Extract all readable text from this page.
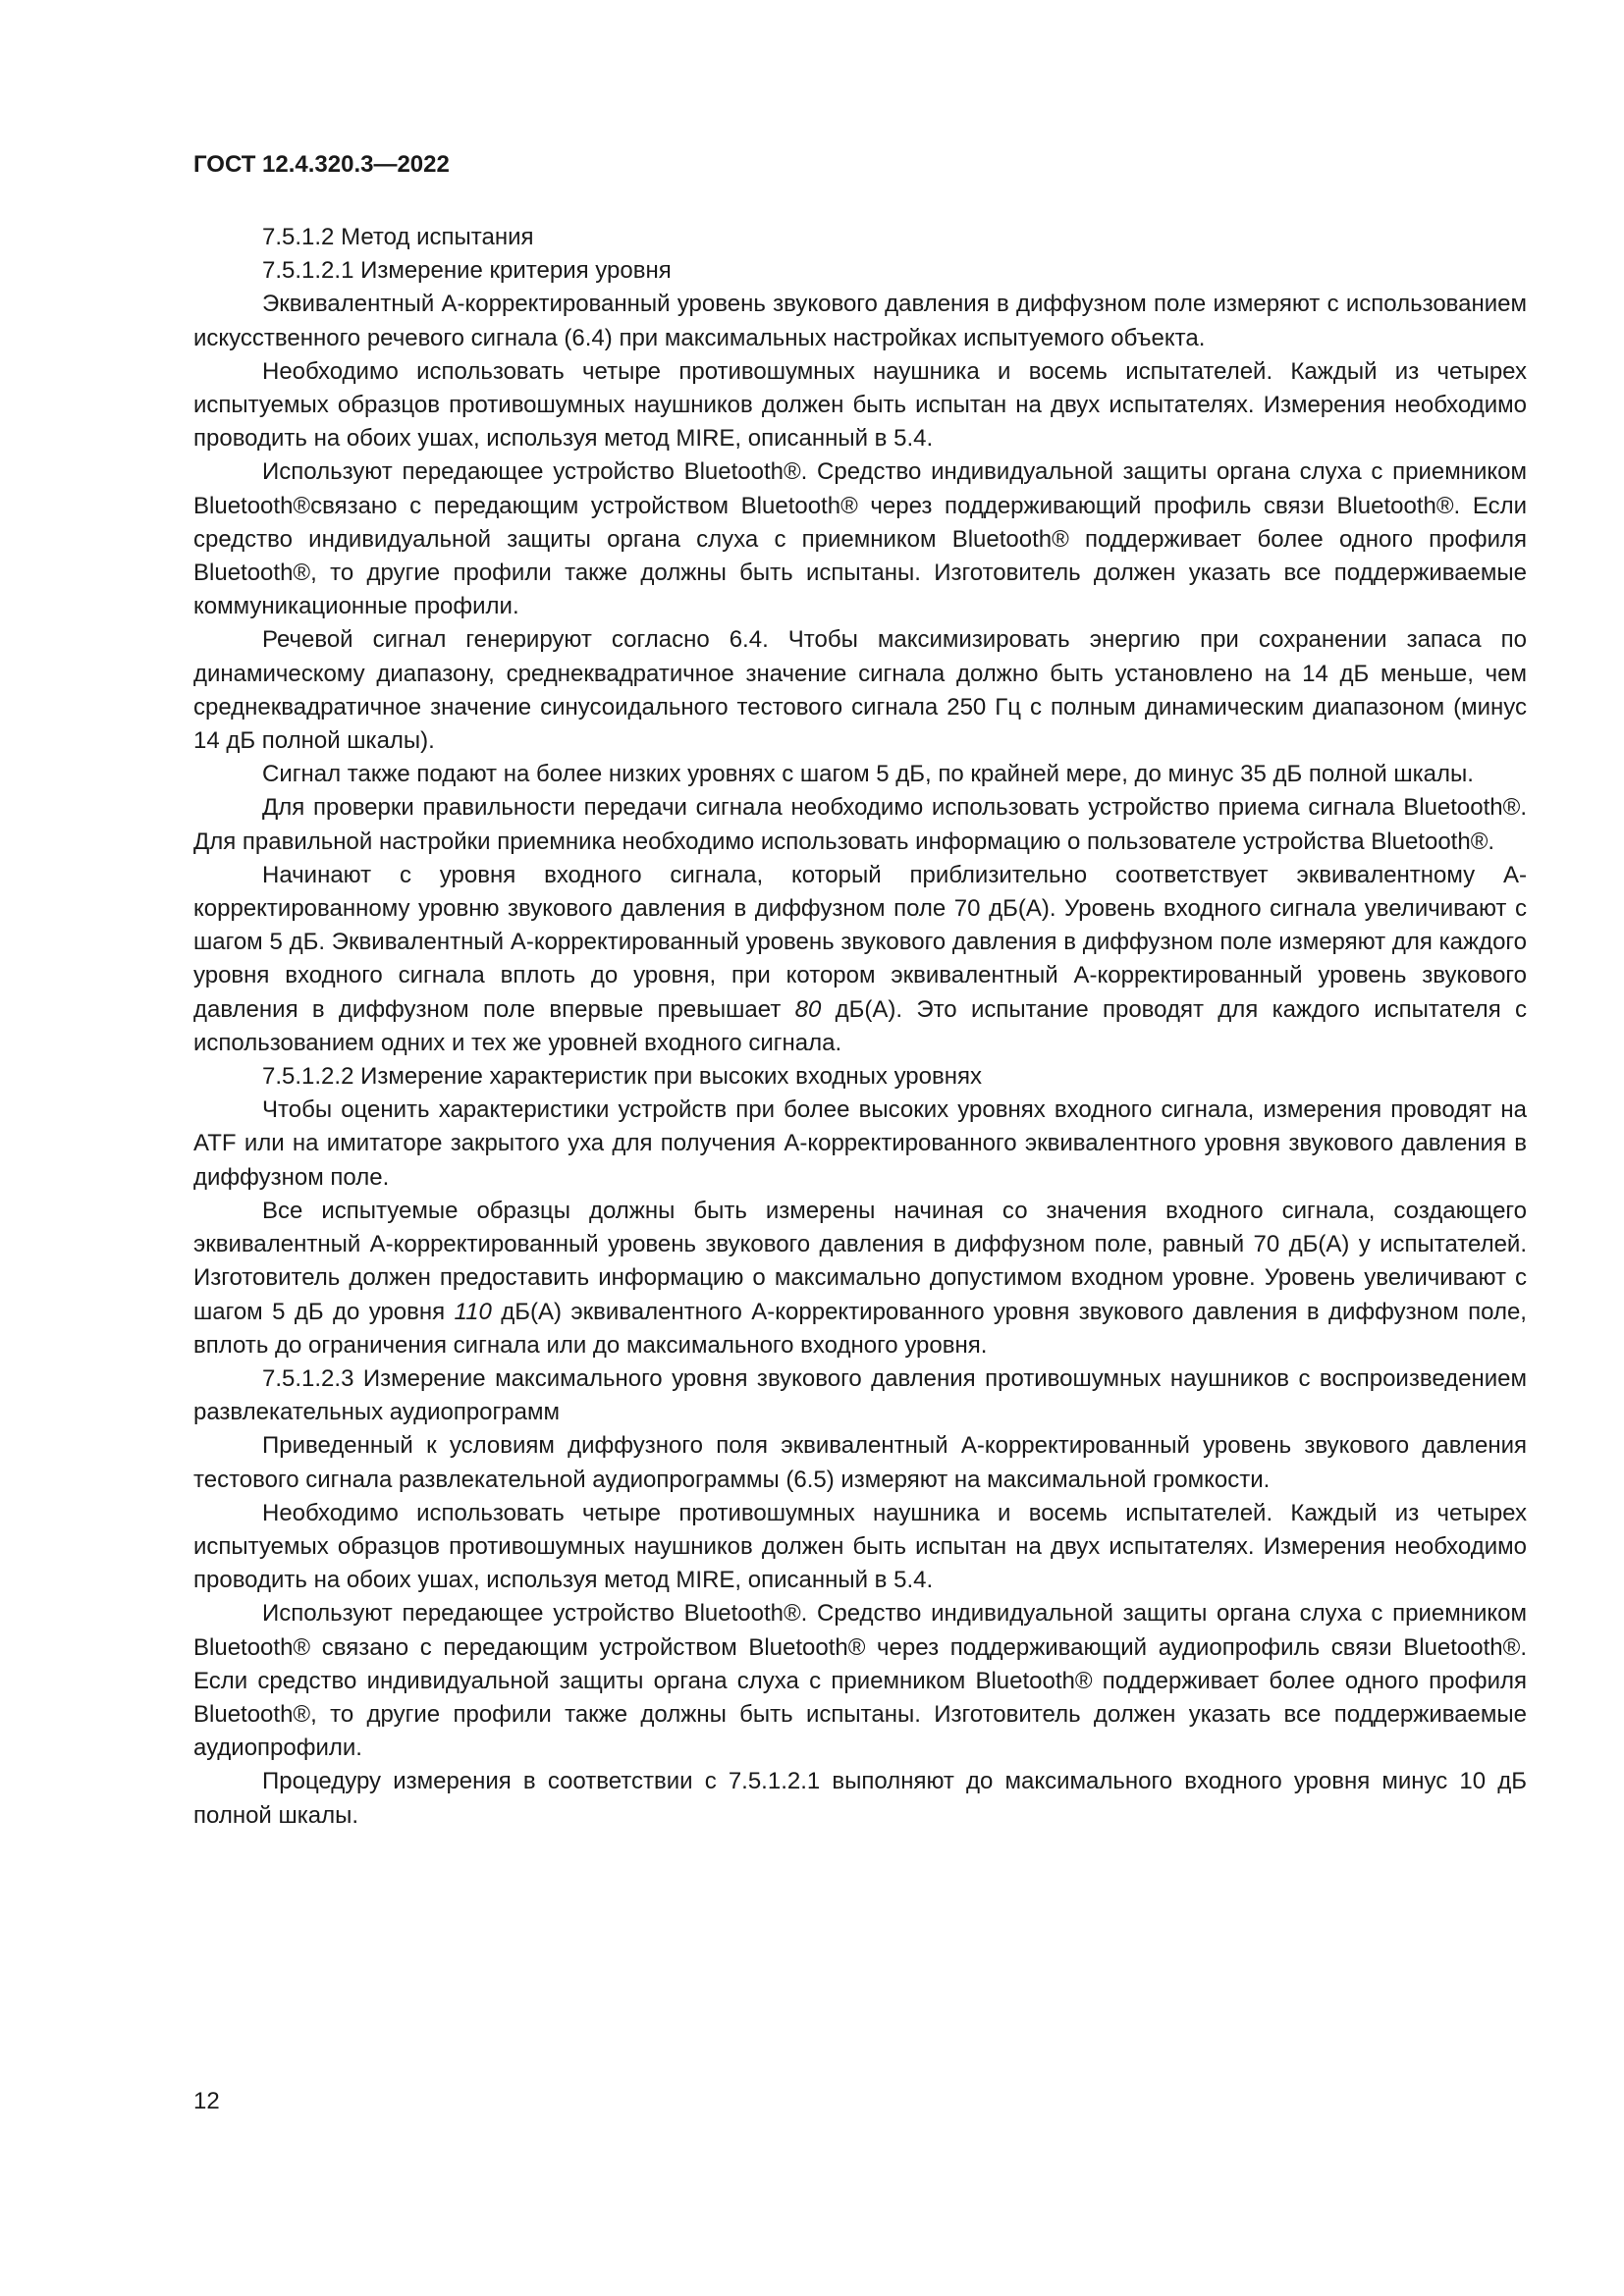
ГОСТ 12.4.320.3—2022

7.5.1.2 Метод испытания

7.5.1.2.1 Измерение критерия уровня

Эквивалентный А-корректированный уровень звукового давления в диффузном поле измеряют с использованием искусственного речевого сигнала (6.4) при максимальных настройках испытуемого объекта.

Необходимо использовать четыре противошумных наушника и восемь испытателей. Каждый из четырех испытуемых образцов противошумных наушников должен быть испытан на двух испытателях. Измерения необходимо проводить на обоих ушах, используя метод MIRE, описанный в 5.4.

Используют передающее устройство Bluetooth®. Средство индивидуальной защиты органа слуха с приемником Bluetooth®связано с передающим устройством Bluetooth® через поддерживающий профиль связи Bluetooth®. Если средство индивидуальной защиты органа слуха с приемником Bluetooth® поддерживает более одного профиля Bluetooth®, то другие профили также должны быть испытаны. Изготовитель должен указать все поддерживаемые коммуникационные профили.

Речевой сигнал генерируют согласно 6.4. Чтобы максимизировать энергию при сохранении запаса по динамическому диапазону, среднеквадратичное значение сигнала должно быть установлено на 14 дБ меньше, чем среднеквадратичное значение синусоидального тестового сигнала 250 Гц с полным динамическим диапазоном (минус 14 дБ полной шкалы).

Сигнал также подают на более низких уровнях с шагом 5 дБ, по крайней мере, до минус 35 дБ полной шкалы.

Для проверки правильности передачи сигнала необходимо использовать устройство приема сигнала Bluetooth®. Для правильной настройки приемника необходимо использовать информацию о пользователе устройства Bluetooth®.

Начинают с уровня входного сигнала, который приблизительно соответствует эквивалентному А-корректированному уровню звукового давления в диффузном поле 70 дБ(А). Уровень входного сигнала увеличивают с шагом 5 дБ. Эквивалентный А-корректированный уровень звукового давления в диффузном поле измеряют для каждого уровня входного сигнала вплоть до уровня, при котором эквивалентный А-корректированный уровень звукового давления в диффузном поле впервые превышает 80 дБ(А). Это испытание проводят для каждого испытателя с использованием одних и тех же уровней входного сигнала.

7.5.1.2.2 Измерение характеристик при высоких входных уровнях

Чтобы оценить характеристики устройств при более высоких уровнях входного сигнала, измерения проводят на ATF или на имитаторе закрытого уха для получения А-корректированного эквивалентного уровня звукового давления в диффузном поле.

Все испытуемые образцы должны быть измерены начиная со значения входного сигнала, создающего эквивалентный А-корректированный уровень звукового давления в диффузном поле, равный 70 дБ(А) у испытателей. Изготовитель должен предоставить информацию о максимально допустимом входном уровне. Уровень увеличивают с шагом 5 дБ до уровня 110 дБ(А) эквивалентного А-корректированного уровня звукового давления в диффузном поле, вплоть до ограничения сигнала или до максимального входного уровня.

7.5.1.2.3 Измерение максимального уровня звукового давления противошумных наушников с воспроизведением развлекательных аудиопрограмм

Приведенный к условиям диффузного поля эквивалентный А-корректированный уровень звукового давления тестового сигнала развлекательной аудиопрограммы (6.5) измеряют на максимальной громкости.

Необходимо использовать четыре противошумных наушника и восемь испытателей. Каждый из четырех испытуемых образцов противошумных наушников должен быть испытан на двух испытателях. Измерения необходимо проводить на обоих ушах, используя метод MIRE, описанный в 5.4.

Используют передающее устройство Bluetooth®. Средство индивидуальной защиты органа слуха с приемником Bluetooth® связано с передающим устройством Bluetooth® через поддерживающий аудиопрофиль связи Bluetooth®. Если средство индивидуальной защиты органа слуха с приемником Bluetooth® поддерживает более одного профиля Bluetooth®, то другие профили также должны быть испытаны. Изготовитель должен указать все поддерживаемые аудиопрофили.

Процедуру измерения в соответствии с 7.5.1.2.1 выполняют до максимального входного уровня минус 10 дБ полной шкалы.

12
